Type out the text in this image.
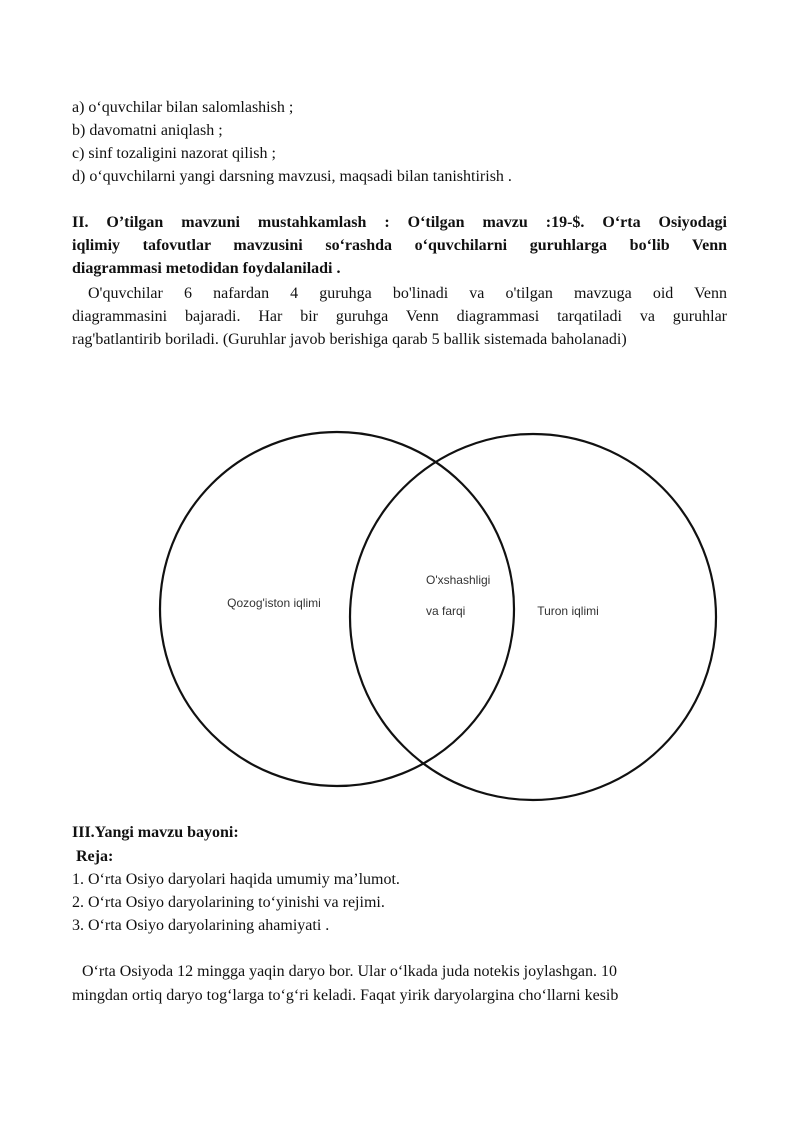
a) o‘quvchilar bilan salomlashish ;
b) davomatni aniqlash ;
c) sinf tozaligini nazorat qilish ;
d) o‘quvchilarni yangi darsning mavzusi, maqsadi bilan tanishtirish .
II. O’tilgan mavzuni mustahkamlash : O‘tilgan mavzu :19-$. O‘rta Osiyodagi
iqlimiy tafovutlar mavzusini so‘rashda o‘quvchilarni guruhlarga bo‘lib Venn
diagrammasi metodidan foydalaniladi .
O'quvchilar 6 nafardan 4 guruhga bo'linadi va o'tilgan mavzuga oid Venn
diagrammasini bajaradi. Har bir guruhga Venn diagrammasi tarqatiladi va guruhlar
rag'batlantirib boriladi. (Guruhlar javob berishiga qarab 5 ballik sistemada baholanadi)
Qozog'iston iqlimi
O'xshashligi
va farqi	Turon iqlimi
III.Yangi mavzu bayoni:
Reja:
1. O‘rta Osiyo daryolari haqida umumiy ma’lumot.
2. O‘rta Osiyo daryolarining to‘yinishi va rejimi.
3. O‘rta Osiyo daryolarining ahamiyati .
O‘rta Osiyoda 12 mingga yaqin daryo bor. Ular o‘lkada juda notekis joylashgan. 10
mingdan ortiq daryo tog‘larga to‘g‘ri keladi. Faqat yirik daryolargina cho‘llarni kesib
